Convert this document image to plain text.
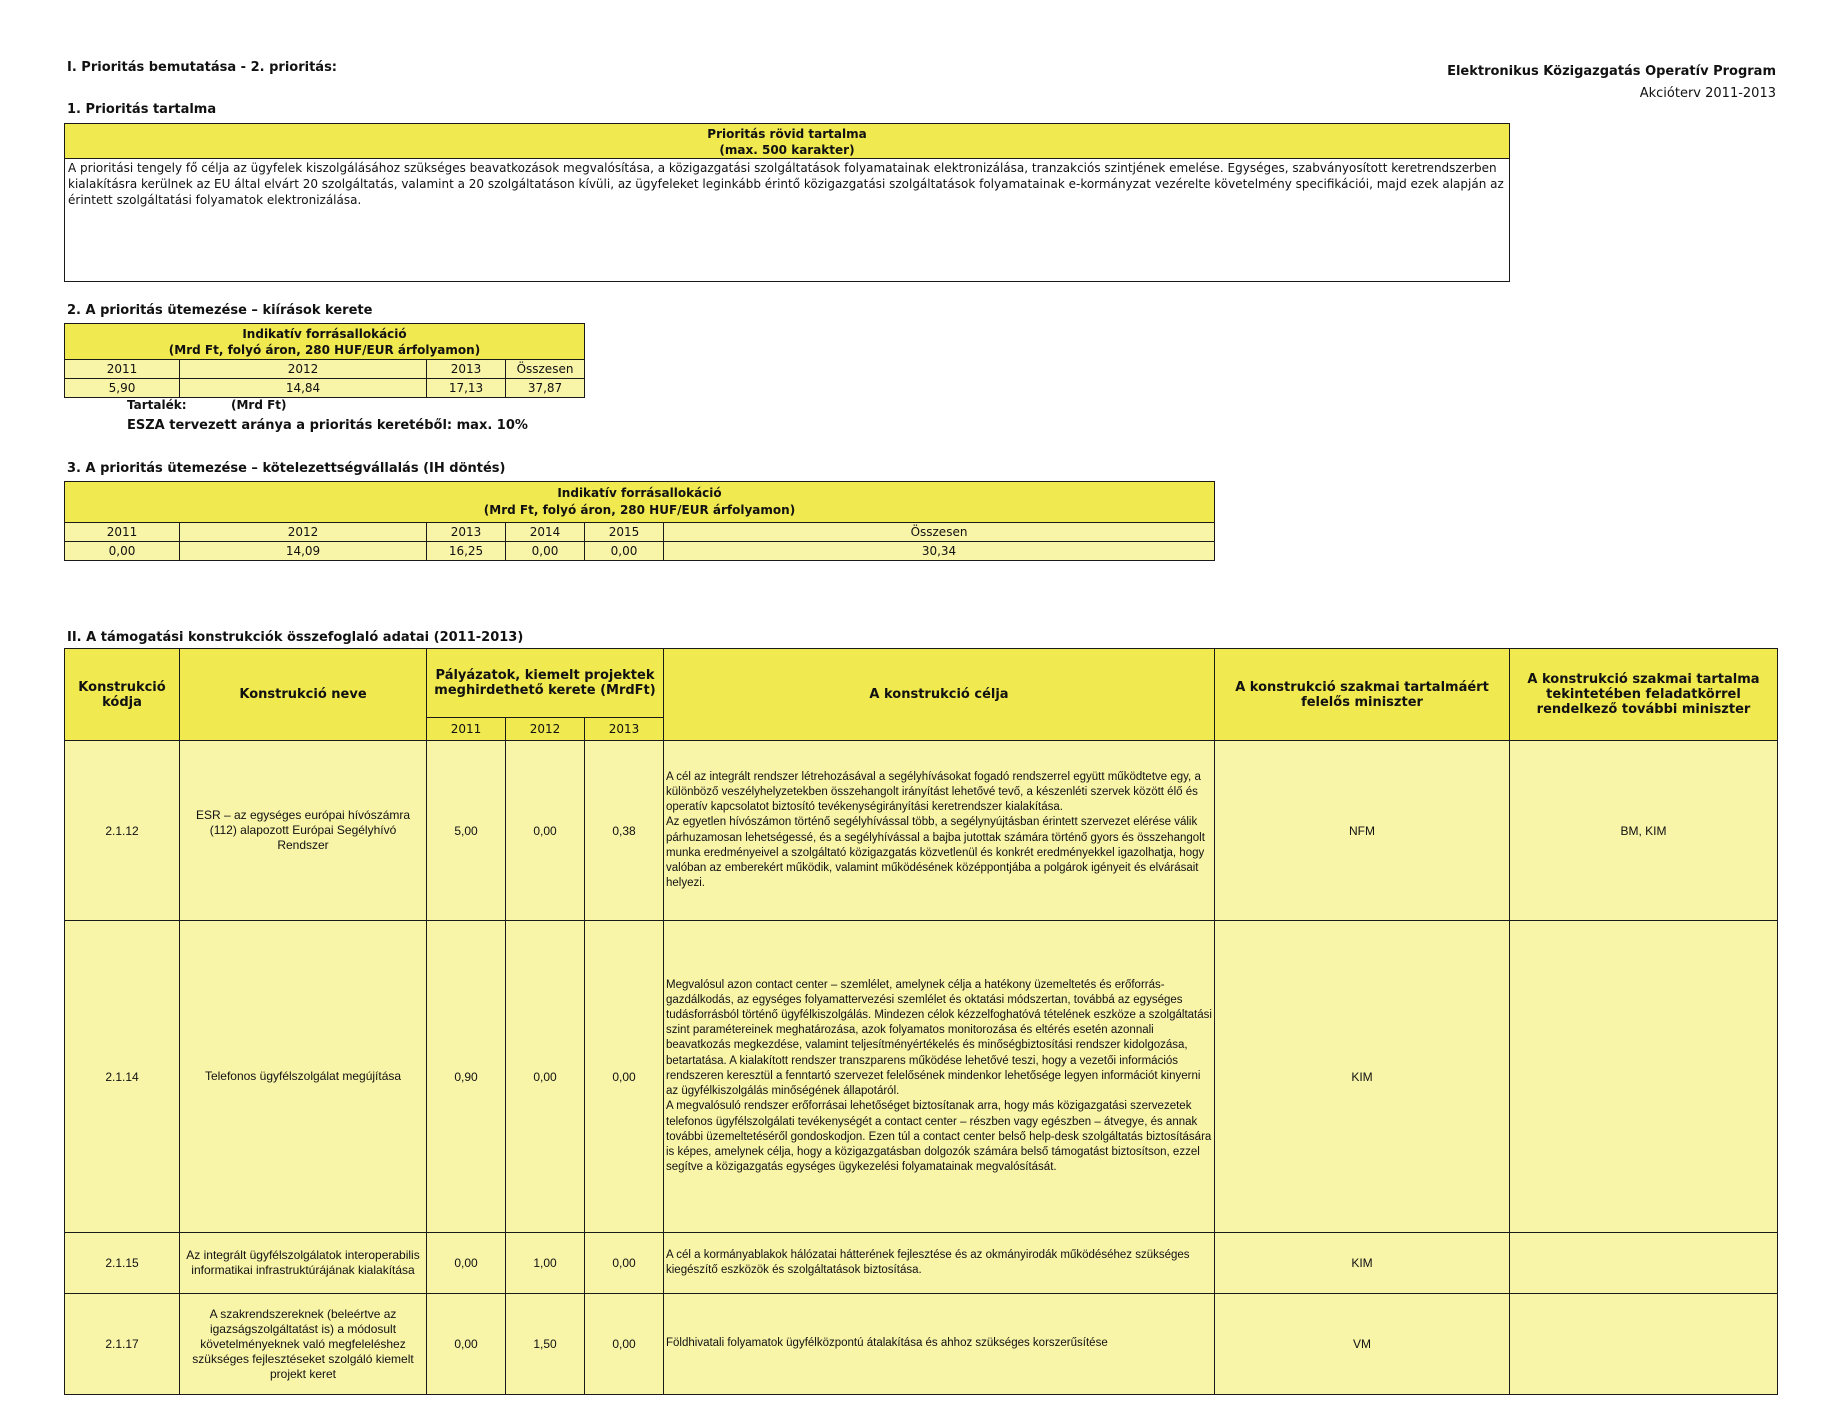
I. Prioritás bemutatása - 2. prioritás:	Elektronikus Közigazgatás Operatív Program
Akcióterv 2011-2013
1. Prioritás tartalma
Prioritás rövid tartalma
(max. 500 karakter)
A prioritási tengely fő célja az ügyfelek kiszolgálásához szükséges beavatkozások megvalósítása, a közigazgatási szolgáltatások folyamatainak elektronizálása, tranzakciós szintjének emelése. Egységes, szabványosított keretrendszerben kialakításra kerülnek az EU által elvárt 20 szolgáltatás, valamint a 20 szolgáltatáson kívüli, az ügyfeleket leginkább érintő közigazgatási szolgáltatások folyamatainak e-kormányzat vezérelte követelmény specifikációi, majd ezek alapján az érintett szolgáltatási folyamatok elektronizálása.
2. A prioritás ütemezése – kiírások kerete
Indikatív forrásallokáció
(Mrd Ft, folyó áron, 280 HUF/EUR árfolyamon)			

2011	2012	2013	Összesen
5,90	14,84	17,13	37,87
Tartalék:	(Mrd Ft)
ESZA tervezett aránya a prioritás keretéből: max. 10%
3. A prioritás ütemezése – kötelezettségvállalás (IH döntés)
Indikatív forrásallokáció
(Mrd Ft, folyó áron, 280 HUF/EUR árfolyamon)					

2011	2012	2013	2014	2015	Összesen
0,00	14,09	16,25	0,00	0,00	30,34
II. A támogatási konstrukciók összefoglaló adatai (2011-2013)
Konstrukció kódja	Konstrukció neve	Pályázatok, kiemelt projektek meghirdethető kerete (MrdFt)			A konstrukció célja	A konstrukció szakmai tartalmáért felelős miniszter	A konstrukció szakmai tartalma tekintetében feladatkörrel rendelkező további miniszter
		2011	2012	2013			
2.1.12	ESR – az egységes európai hívószámra (112) alapozott Európai Segélyhívó Rendszer	5,00	0,00	0,38	A cél az integrált rendszer létrehozásával a segélyhívásokat fogadó rendszerrel együtt működtetve egy, a különböző veszélyhelyzetekben összehangolt irányítást lehetővé tevő, a készenléti szervek között élő és operatív kapcsolatot biztosító tevékenységirányítási keretrendszer kialakítása.
Az egyetlen hívószámon történő segélyhívással több, a segélynyújtásban érintett szervezet elérése válik párhuzamosan lehetségessé, és a segélyhívással a bajba jutottak számára történő gyors és összehangolt munka eredményeivel a szolgáltató közigazgatás közvetlenül és konkrét eredményekkel igazolhatja, hogy valóban az emberekért működik, valamint működésének középpontjába a polgárok igényeit és elvárásait helyezi.	NFM	BM, KIM
2.1.14	Telefonos ügyfélszolgálat megújítása	0,90	0,00	0,00	Megvalósul azon contact center – szemlélet, amelynek célja a hatékony üzemeltetés és erőforrás-gazdálkodás, az egységes folyamattervezési szemlélet és oktatási módszertan, továbbá az egységes tudásforrásból történő ügyfélkiszolgálás. Mindezen célok kézzelfoghatóvá tételének eszköze a szolgáltatási szint paramétereinek meghatározása, azok folyamatos monitorozása és eltérés esetén azonnali beavatkozás megkezdése, valamint teljesítményértékelés és minőségbiztosítási rendszer kidolgozása, betartatása. A kialakított rendszer transzparens működése lehetővé teszi, hogy a vezetői információs rendszeren keresztül a fenntartó szervezet felelősének mindenkor lehetősége legyen információt kinyerni az ügyfélkiszolgálás minőségének állapotáról.
A megvalósuló rendszer erőforrásai lehetőséget biztosítanak arra, hogy más közigazgatási szervezetek telefonos ügyfélszolgálati tevékenységét a contact center – részben vagy egészben – átvegye, és annak további üzemeltetéséről gondoskodjon. Ezen túl a contact center belső help-desk szolgáltatás biztosítására is képes, amelynek célja, hogy a közigazgatásban dolgozók számára belső támogatást biztosítson, ezzel segítve a közigazgatás egységes ügykezelési folyamatainak megvalósítását.	KIM	
2.1.15	Az integrált ügyfélszolgálatok interoperabilis informatikai infrastruktúrájának kialakítása	0,00	1,00	0,00	A cél a kormányablakok hálózatai hátterének fejlesztése és az okmányirodák működéséhez szükséges kiegészítő eszközök és szolgáltatások biztosítása.	KIM	
2.1.17	A szakrendszereknek (beleértve az igazságszolgáltatást is) a módosult követelményeknek való megfeleléshez szükséges fejlesztéseket szolgáló kiemelt projekt keret	0,00	1,50	0,00	Földhivatali folyamatok ügyfélközpontú átalakítása és ahhoz szükséges korszerűsítése	VM	
